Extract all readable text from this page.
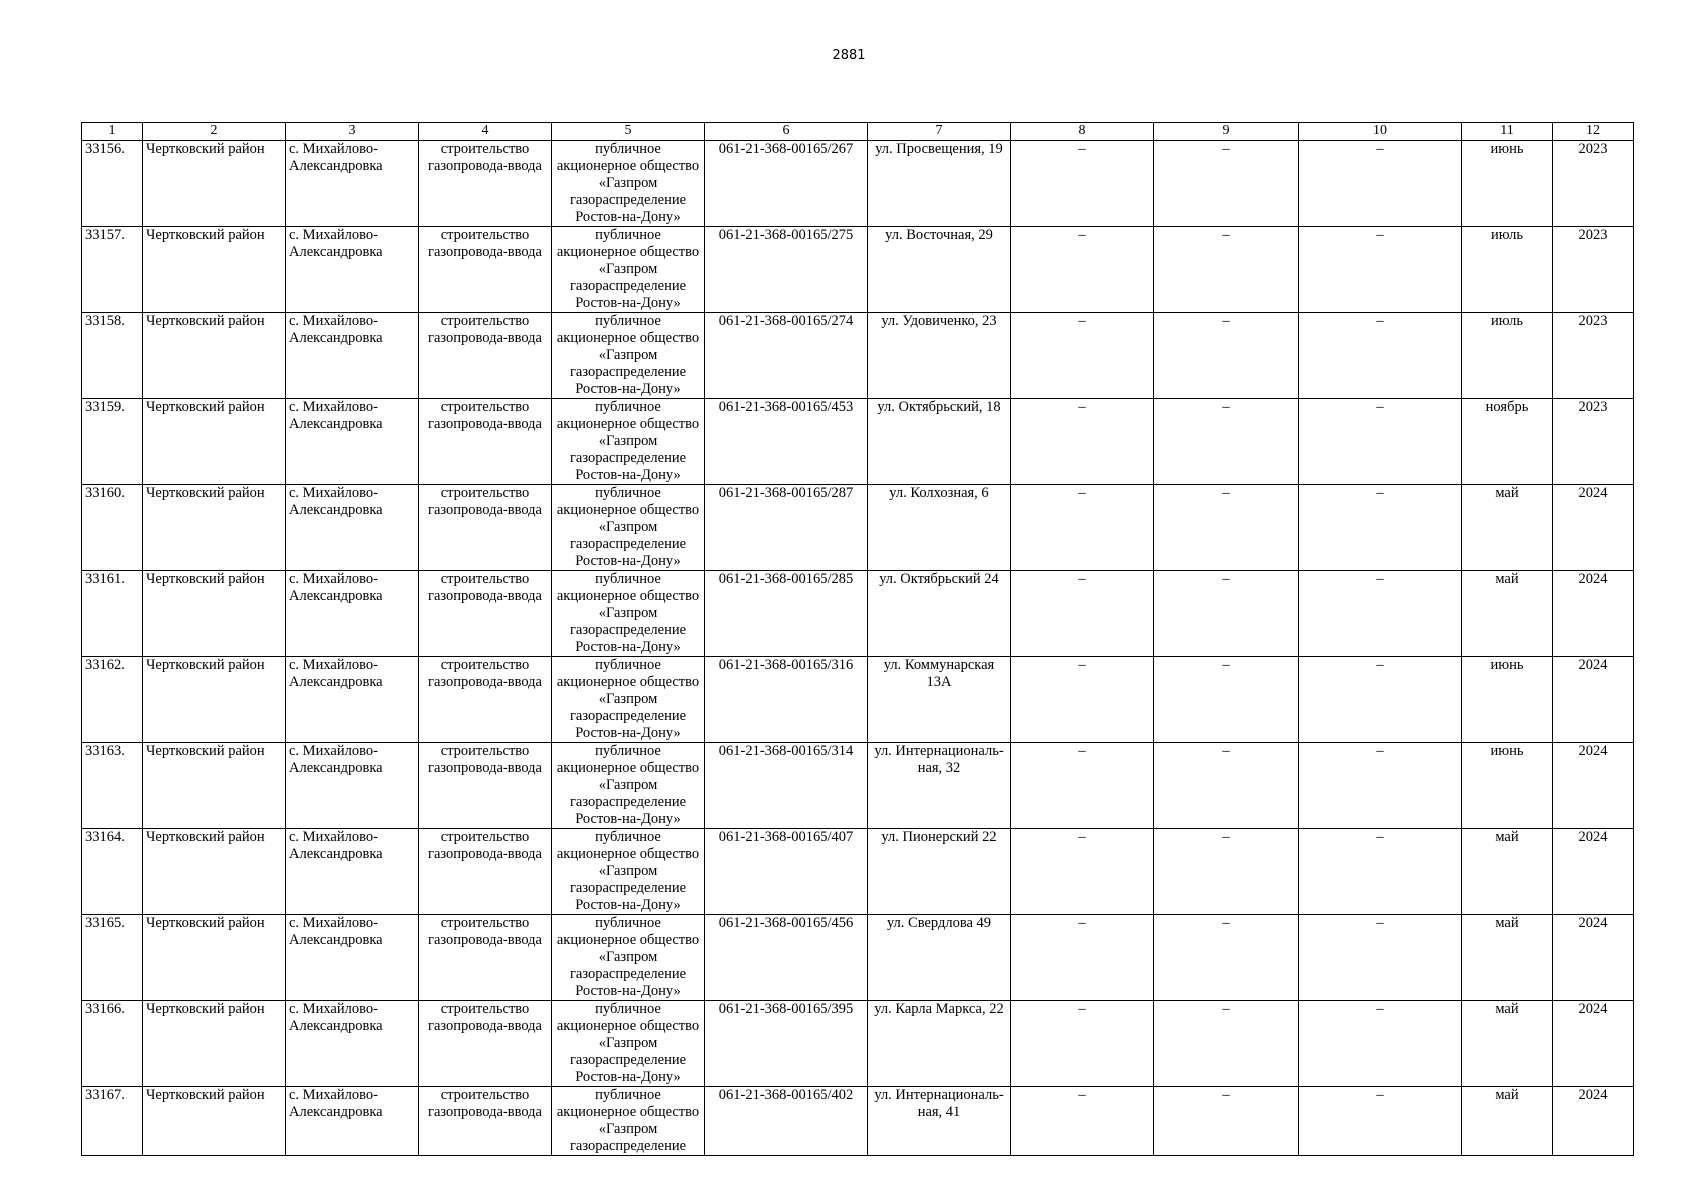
2881
1	2	3	4	5	6	7	8	9	10	11	12
33156.	Чертковский район	с. Михайлово-Александровка	строительство газопровода-ввода	публичное акционерное общество «Газпром газораспределение Ростов-на-Дону»	061-21-368-00165/267	ул. Просвещения, 19	–	–	–	июнь	2023
33157.	Чертковский район	с. Михайлово-Александровка	строительство газопровода-ввода	публичное акционерное общество «Газпром газораспределение Ростов-на-Дону»	061-21-368-00165/275	ул. Восточная, 29	–	–	–	июль	2023
33158.	Чертковский район	с. Михайлово-Александровка	строительство газопровода-ввода	публичное акционерное общество «Газпром газораспределение Ростов-на-Дону»	061-21-368-00165/274	ул. Удовиченко, 23	–	–	–	июль	2023
33159.	Чертковский район	с. Михайлово-Александровка	строительство газопровода-ввода	публичное акционерное общество «Газпром газораспределение Ростов-на-Дону»	061-21-368-00165/453	ул. Октябрьский, 18	–	–	–	ноябрь	2023
33160.	Чертковский район	с. Михайлово-Александровка	строительство газопровода-ввода	публичное акционерное общество «Газпром газораспределение Ростов-на-Дону»	061-21-368-00165/287	ул. Колхозная, 6	–	–	–	май	2024
33161.	Чертковский район	с. Михайлово-Александровка	строительство газопровода-ввода	публичное акционерное общество «Газпром газораспределение Ростов-на-Дону»	061-21-368-00165/285	ул. Октябрьский 24	–	–	–	май	2024
33162.	Чертковский район	с. Михайлово-Александровка	строительство газопровода-ввода	публичное акционерное общество «Газпром газораспределение Ростов-на-Дону»	061-21-368-00165/316	ул. Коммунарская 13А	–	–	–	июнь	2024
33163.	Чертковский район	с. Михайлово-Александровка	строительство газопровода-ввода	публичное акционерное общество «Газпром газораспределение Ростов-на-Дону»	061-21-368-00165/314	ул. Интернациональ-ная, 32	–	–	–	июнь	2024
33164.	Чертковский район	с. Михайлово-Александровка	строительство газопровода-ввода	публичное акционерное общество «Газпром газораспределение Ростов-на-Дону»	061-21-368-00165/407	ул. Пионерский 22	–	–	–	май	2024
33165.	Чертковский район	с. Михайлово-Александровка	строительство газопровода-ввода	публичное акционерное общество «Газпром газораспределение Ростов-на-Дону»	061-21-368-00165/456	ул. Свердлова 49	–	–	–	май	2024
33166.	Чертковский район	с. Михайлово-Александровка	строительство газопровода-ввода	публичное акционерное общество «Газпром газораспределение Ростов-на-Дону»	061-21-368-00165/395	ул. Карла Маркса, 22	–	–	–	май	2024

33167.	Чертковский район	с. Михайлово-Александровка	строительство газопровода-ввода	публичное акционерное общество «Газпром газораспределение	061-21-368-00165/402	ул. Интернациональ-ная, 41	–	–	–	май	2024
